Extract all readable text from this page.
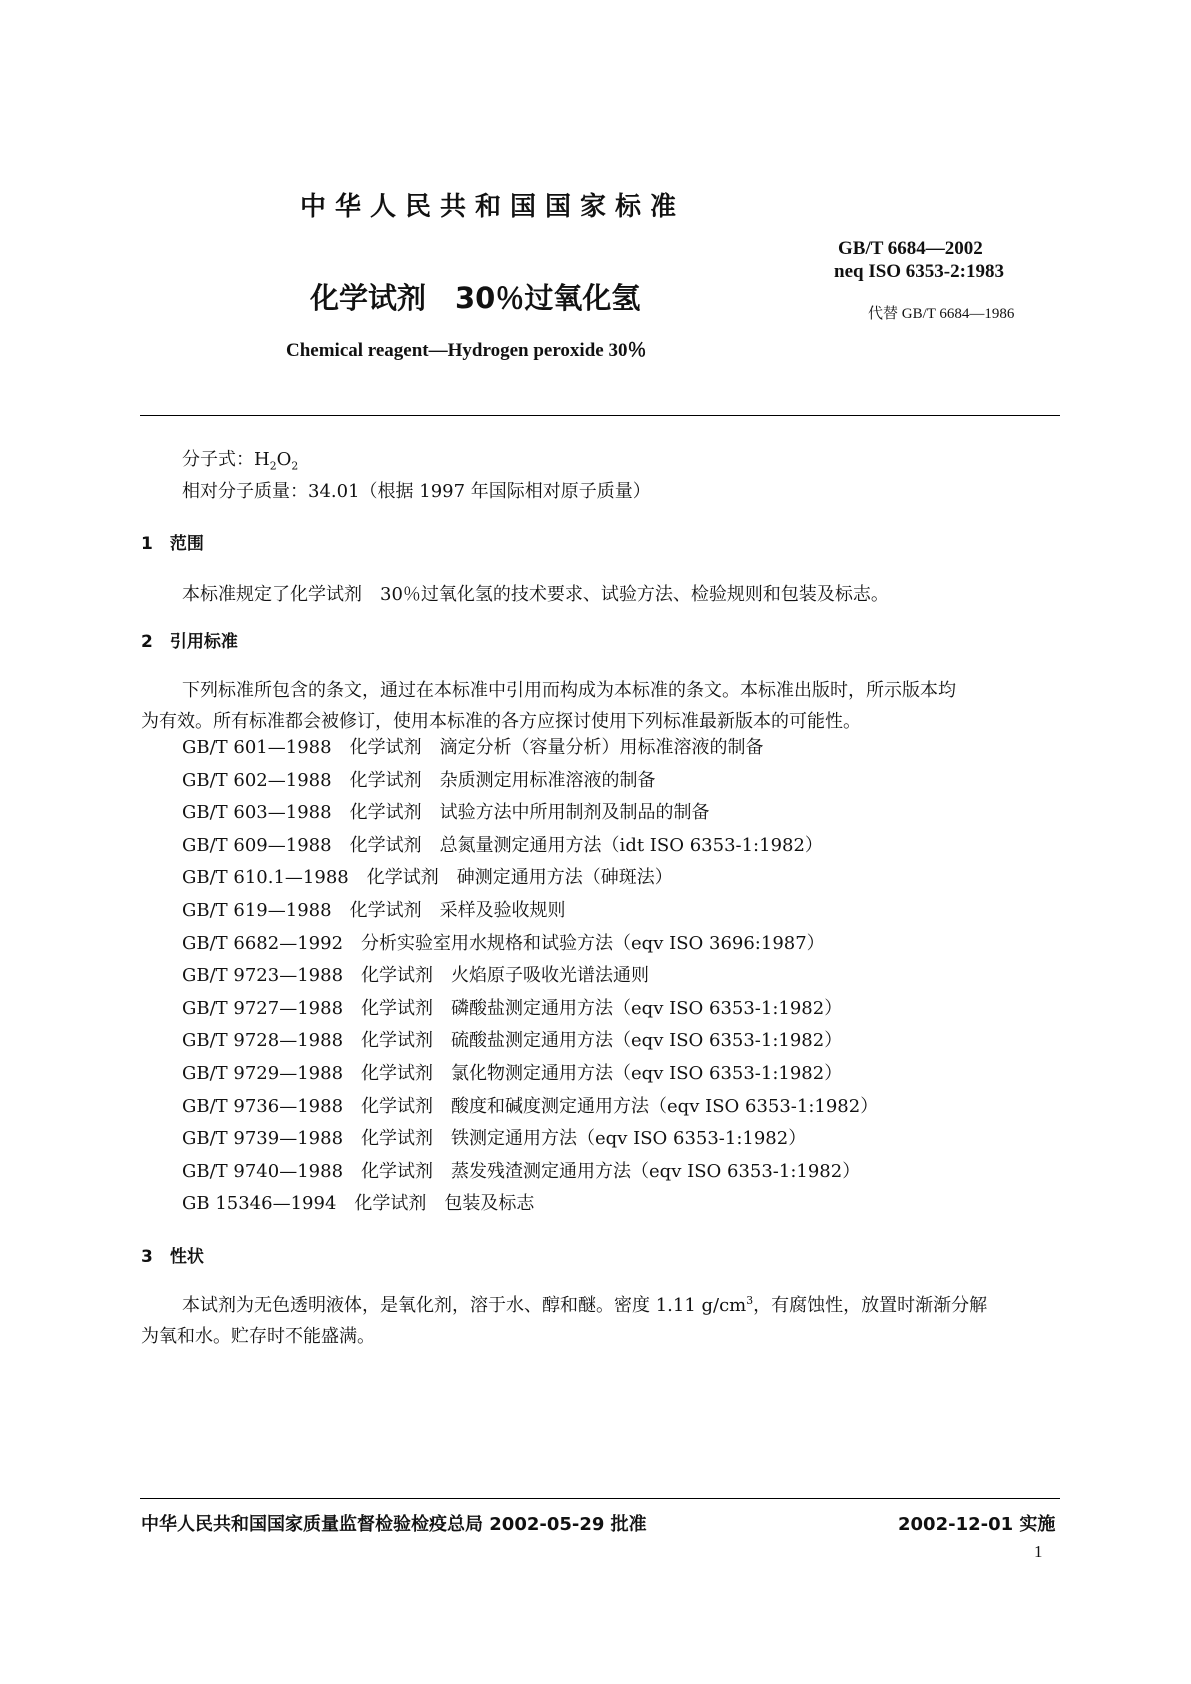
中华人民共和国国家标准
GB/T 6684—2002
neq ISO 6353-2:1983
化学试剂　30％过氧化氢	代替 GB/T 6684—1986
Chemical reagent—Hydrogen peroxide 30％
分子式：$H_2O_2$
相对分子质量：34.01（根据 1997 年国际相对原子质量）
1　范围
本标准规定了化学试剂　30％过氧化氢的技术要求、试验方法、检验规则和包装及标志。
2　引用标准
下列标准所包含的条文，通过在本标准中引用而构成为本标准的条文。本标准出版时，所示版本均
为有效。所有标准都会被修订，使用本标准的各方应探讨使用下列标准最新版本的可能性。
GB/T 601—1988　化学试剂　滴定分析（容量分析）用标准溶液的制备
GB/T 602—1988　化学试剂　杂质测定用标准溶液的制备
GB/T 603—1988　化学试剂　试验方法中所用制剂及制品的制备
GB/T 609—1988　化学试剂　总氮量测定通用方法（idt ISO 6353-1:1982）
GB/T 610.1—1988　化学试剂　砷测定通用方法（砷斑法）
GB/T 619—1988　化学试剂　采样及验收规则
GB/T 6682—1992　分析实验室用水规格和试验方法（eqv ISO 3696:1987）
GB/T 9723—1988　化学试剂　火焰原子吸收光谱法通则
GB/T 9727—1988　化学试剂　磷酸盐测定通用方法（eqv ISO 6353-1:1982）
GB/T 9728—1988　化学试剂　硫酸盐测定通用方法（eqv ISO 6353-1:1982）
GB/T 9729—1988　化学试剂　氯化物测定通用方法（eqv ISO 6353-1:1982）
GB/T 9736—1988　化学试剂　酸度和碱度测定通用方法（eqv ISO 6353-1:1982）
GB/T 9739—1988　化学试剂　铁测定通用方法（eqv ISO 6353-1:1982）
GB/T 9740—1988　化学试剂　蒸发残渣测定通用方法（eqv ISO 6353-1:1982）
GB 15346—1994　化学试剂　包装及标志
3　性状
本试剂为无色透明液体，是氧化剂，溶于水、醇和醚。密度 1.11 $g/cm^3$，有腐蚀性，放置时渐渐分解
为氧和水。贮存时不能盛满。
中华人民共和国国家质量监督检验检疫总局 2002-05-29 批准	2002-12-01 实施
1
